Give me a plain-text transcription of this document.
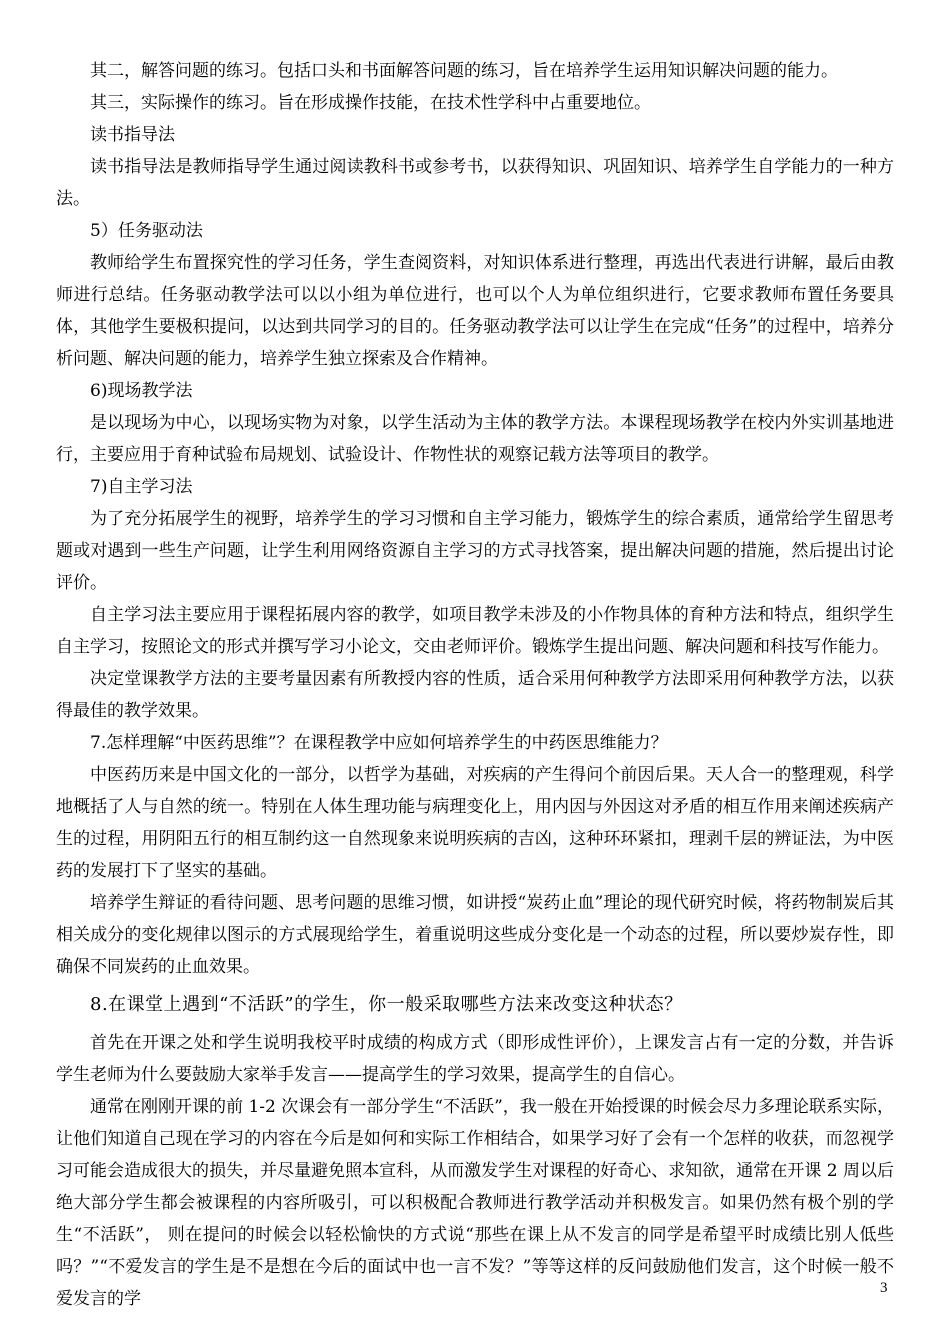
其二，解答问题的练习。包括口头和书面解答问题的练习，旨在培养学生运用知识解决问题的能力。

其三，实际操作的练习。旨在形成操作技能，在技术性学科中占重要地位。

读书指导法

读书指导法是教师指导学生通过阅读教科书或参考书，以获得知识、巩固知识、培养学生自学能力的一种方法。

5）任务驱动法

教师给学生布置探究性的学习任务，学生查阅资料，对知识体系进行整理，再选出代表进行讲解，最后由教师进行总结。任务驱动教学法可以以小组为单位进行，也可以个人为单位组织进行，它要求教师布置任务要具体，其他学生要极积提问，以达到共同学习的目的。任务驱动教学法可以让学生在完成“任务”的过程中，培养分析问题、解决问题的能力，培养学生独立探索及合作精神。

6)现场教学法

是以现场为中心，以现场实物为对象，以学生活动为主体的教学方法。本课程现场教学在校内外实训基地进行，主要应用于育种试验布局规划、试验设计、作物性状的观察记载方法等项目的教学。

7)自主学习法

为了充分拓展学生的视野，培养学生的学习习惯和自主学习能力，锻炼学生的综合素质，通常给学生留思考题或对遇到一些生产问题，让学生利用网络资源自主学习的方式寻找答案，提出解决问题的措施，然后提出讨论评价。

自主学习法主要应用于课程拓展内容的教学，如项目教学未涉及的小作物具体的育种方法和特点，组织学生自主学习，按照论文的形式并撰写学习小论文，交由老师评价。锻炼学生提出问题、解决问题和科技写作能力。

决定堂课教学方法的主要考量因素有所教授内容的性质，适合采用何种教学方法即采用何种教学方法，以获得最佳的教学效果。

7.怎样理解“中医药思维”？在课程教学中应如何培养学生的中药医思维能力？

中医药历来是中国文化的一部分，以哲学为基础，对疾病的产生得问个前因后果。天人合一的整理观，科学地概括了人与自然的统一。特别在人体生理功能与病理变化上，用内因与外因这对矛盾的相互作用来阐述疾病产生的过程，用阴阳五行的相互制约这一自然现象来说明疾病的吉凶，这种环环紧扣，理剥千层的辨证法，为中医药的发展打下了坚实的基础。

培养学生辩证的看待问题、思考问题的思维习惯，如讲授“炭药止血”理论的现代研究时候，将药物制炭后其相关成分的变化规律以图示的方式展现给学生，着重说明这些成分变化是一个动态的过程，所以要炒炭存性，即确保不同炭药的止血效果。

8.在课堂上遇到“不活跃”的学生，你一般采取哪些方法来改变这种状态？

首先在开课之处和学生说明我校平时成绩的构成方式（即形成性评价），上课发言占有一定的分数，并告诉学生老师为什么要鼓励大家举手发言——提高学生的学习效果，提高学生的自信心。

通常在刚刚开课的前 1-2 次课会有一部分学生“不活跃”，我一般在开始授课的时候会尽力多理论联系实际，让他们知道自己现在学习的内容在今后是如何和实际工作相结合，如果学习好了会有一个怎样的收获，而忽视学习可能会造成很大的损失，并尽量避免照本宣科，从而激发学生对课程的好奇心、求知欲，通常在开课 2 周以后绝大部分学生都会被课程的内容所吸引，可以积极配合教师进行教学活动并积极发言。如果仍然有极个别的学生“不活跃”， 则在提问的时候会以轻松愉快的方式说“那些在课上从不发言的同学是希望平时成绩比别人低些吗？”“不爱发言的学生是不是想在今后的面试中也一言不发？”等等这样的反问鼓励他们发言，这个时候一般不爱发言的学

3
